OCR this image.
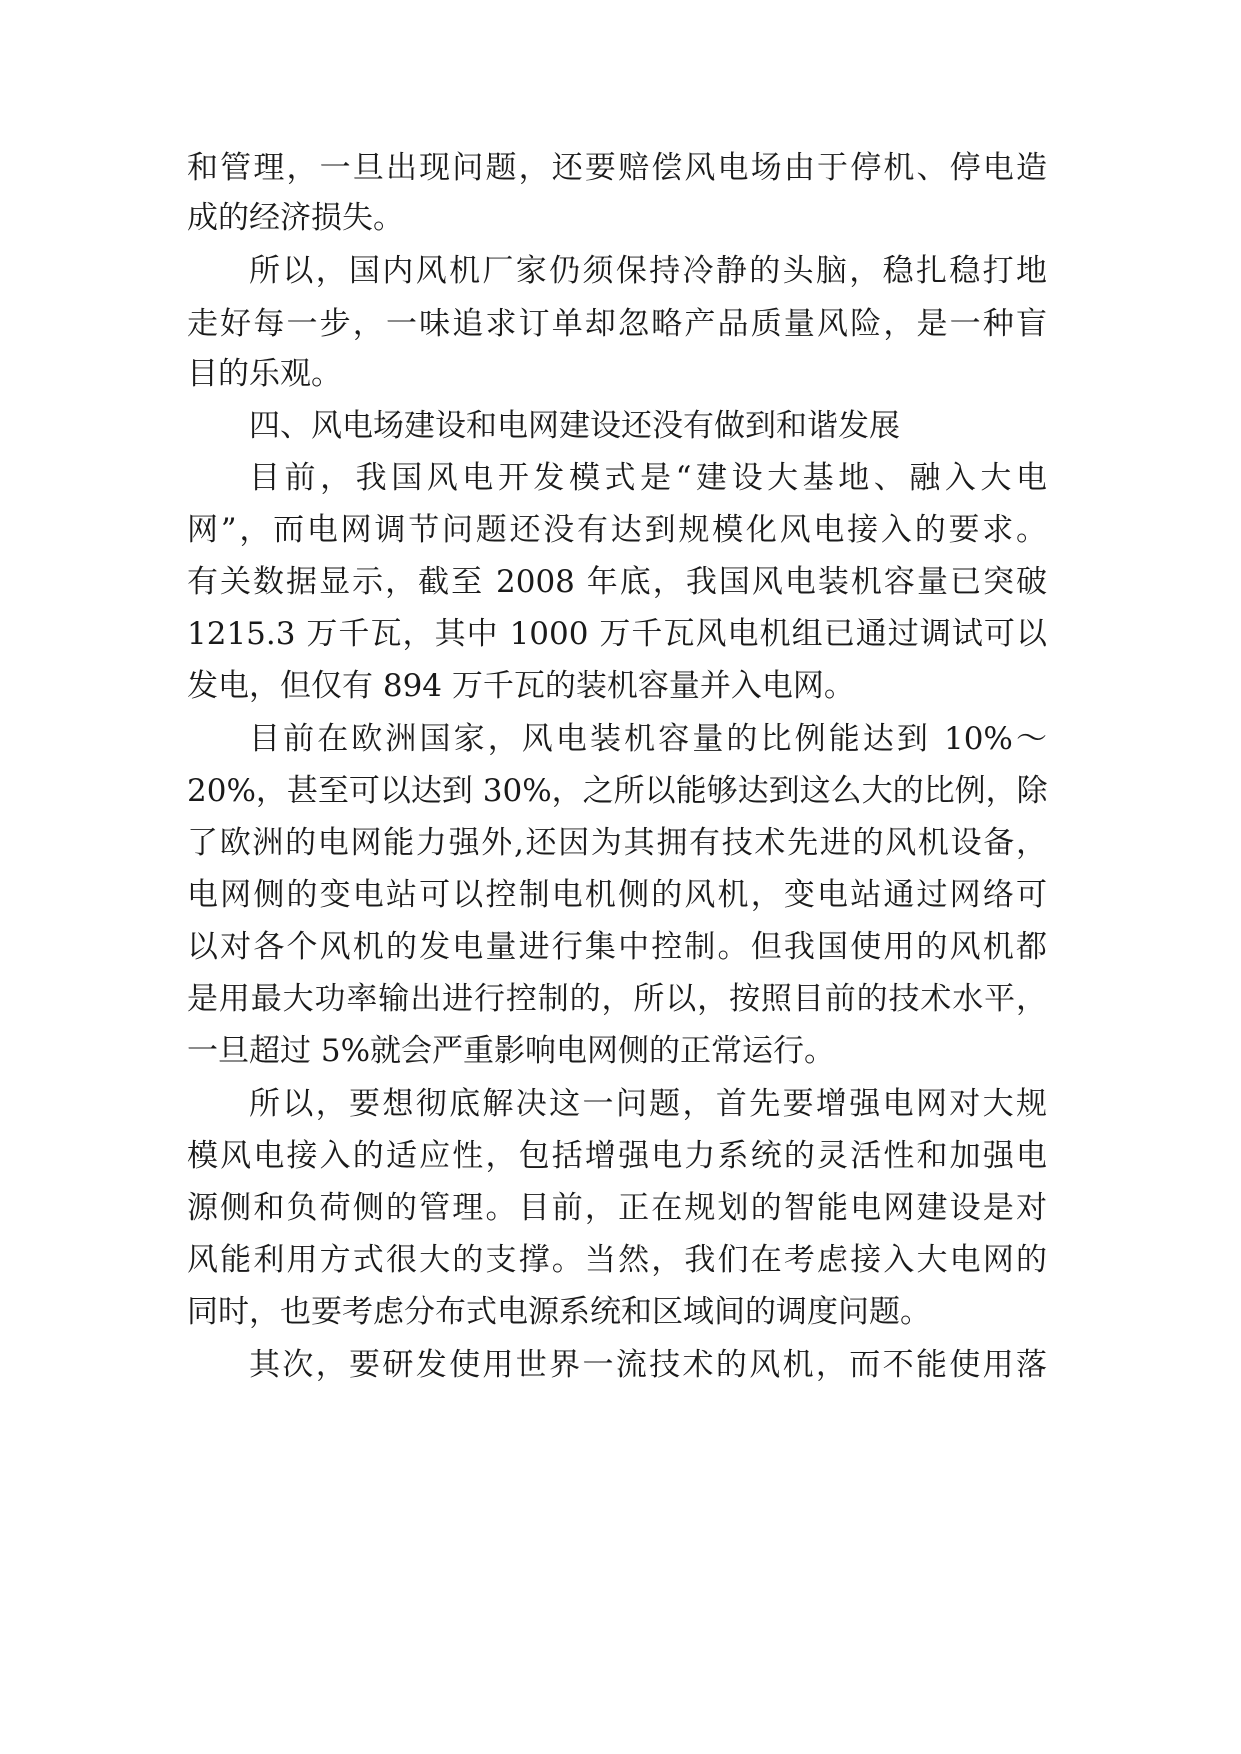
和管理，一旦出现问题，还要赔偿风电场由于停机、停电造
成的经济损失。
所以，国内风机厂家仍须保持冷静的头脑，稳扎稳打地
走好每一步，一味追求订单却忽略产品质量风险，是一种盲
目的乐观。
四、风电场建设和电网建设还没有做到和谐发展
目前，我国风电开发模式是“建设大基地、融入大电
网”，而电网调节问题还没有达到规模化风电接入的要求。
有关数据显示，截至 2008 年底，我国风电装机容量已突破
1215.3 万千瓦，其中 1000 万千瓦风电机组已通过调试可以
发电，但仅有 894 万千瓦的装机容量并入电网。
目前在欧洲国家，风电装机容量的比例能达到 10%～
20%，甚至可以达到 30%，之所以能够达到这么大的比例，除
了欧洲的电网能力强外,还因为其拥有技术先进的风机设备，
电网侧的变电站可以控制电机侧的风机，变电站通过网络可
以对各个风机的发电量进行集中控制。但我国使用的风机都
是用最大功率输出进行控制的，所以，按照目前的技术水平，
一旦超过 5%就会严重影响电网侧的正常运行。
所以，要想彻底解决这一问题，首先要增强电网对大规
模风电接入的适应性，包括增强电力系统的灵活性和加强电
源侧和负荷侧的管理。目前，正在规划的智能电网建设是对
风能利用方式很大的支撑。当然，我们在考虑接入大电网的
同时，也要考虑分布式电源系统和区域间的调度问题。
其次，要研发使用世界一流技术的风机，而不能使用落
